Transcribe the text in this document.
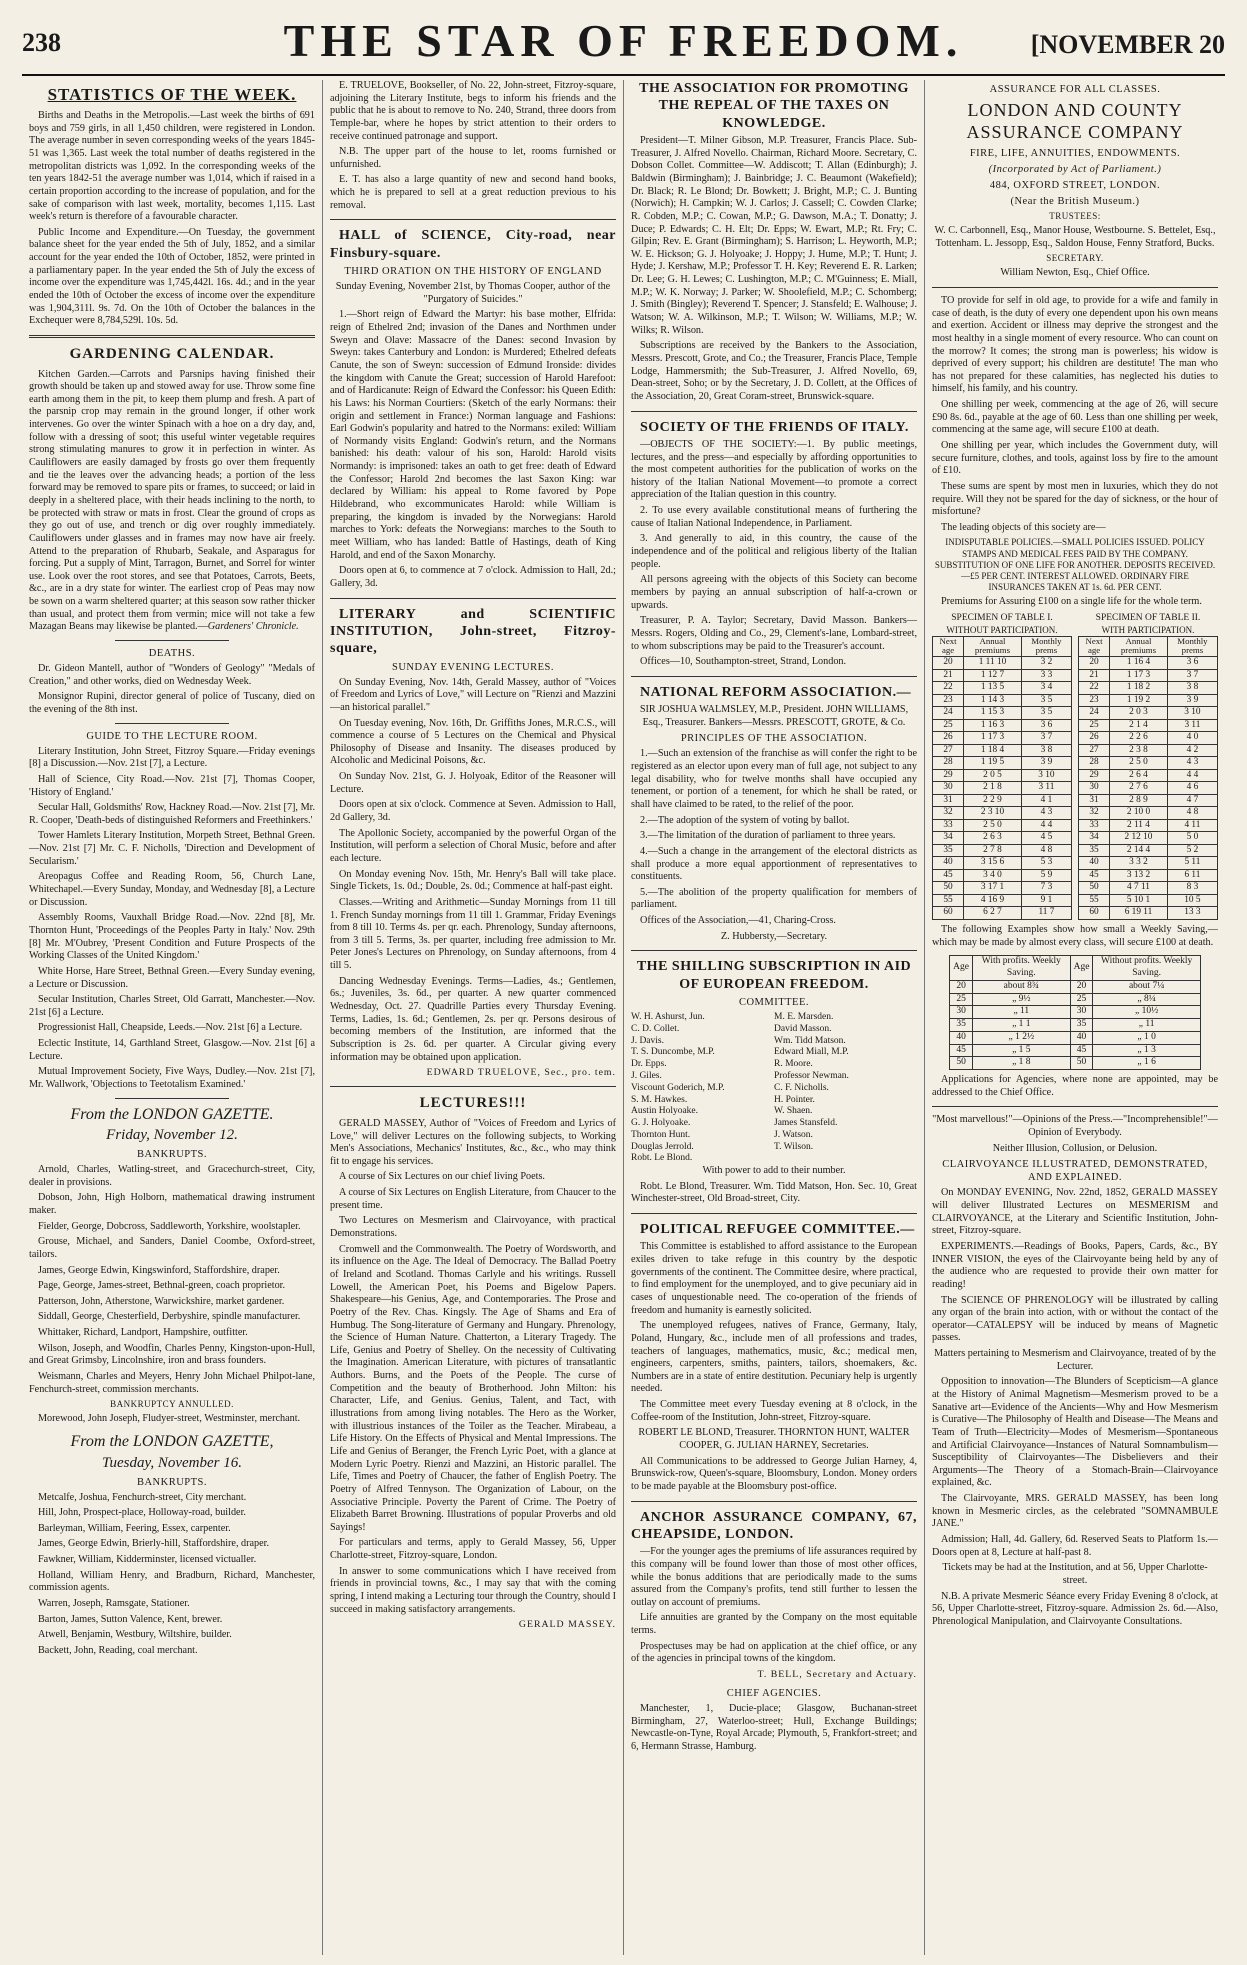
238	THE STAR OF FREEDOM.	[NOVEMBER 20
STATISTICS OF THE WEEK.

Births and Deaths in the Metropolis.—Last week the births of 691 boys and 759 girls, in all 1,450 children, were registered in London. The average number in seven corresponding weeks of the years 1845-51 was 1,365. Last week the total number of deaths registered in the metropolitan districts was 1,092. In the corresponding weeks of the ten years 1842-51 the average number was 1,014, which if raised in a certain proportion according to the increase of population, and for the sake of comparison with last week, mortality, becomes 1,115. Last week's return is therefore of a favourable character.

Public Income and Expenditure.—On Tuesday, the government balance sheet for the year ended the 5th of July, 1852, and a similar account for the year ended the 10th of October, 1852, were printed in a parliamentary paper. In the year ended the 5th of July the excess of income over the expenditure was 1,745,442l. 16s. 4d.; and in the year ended the 10th of October the excess of income over the expenditure was 1,904,311l. 9s. 7d. On the 10th of October the balances in the Exchequer were 8,784,529l. 10s. 5d.

GARDENING CALENDAR.

Kitchen Garden.—Carrots and Parsnips having finished their growth should be taken up and stowed away for use. Throw some fine earth among them in the pit, to keep them plump and fresh. A part of the parsnip crop may remain in the ground longer, if other work intervenes. Go over the winter Spinach with a hoe on a dry day, and, follow with a dressing of soot; this useful winter vegetable requires strong stimulating manures to grow it in perfection in winter. As Cauliflowers are easily damaged by frosts go over them frequently and tie the leaves over the advancing heads; a portion of the less forward may be removed to spare pits or frames, to succeed; or laid in deeply in a sheltered place, with their heads inclining to the north, to be protected with straw or mats in frost. Clear the ground of crops as they go out of use, and trench or dig over roughly immediately. Cauliflowers under glasses and in frames may now have air freely. Attend to the preparation of Rhubarb, Seakale, and Asparagus for forcing. Put a supply of Mint, Tarragon, Burnet, and Sorrel for winter use. Look over the root stores, and see that Potatoes, Carrots, Beets, &c., are in a dry state for winter. The earliest crop of Peas may now be sown on a warm sheltered quarter; at this season sow rather thicker than usual, and protect them from vermin; mice will not take a few Mazagan Beans may likewise be planted.—Gardeners' Chronicle.

DEATHS.

Dr. Gideon Mantell, author of "Wonders of Geology" "Medals of Creation," and other works, died on Wednesday Week.

Monsignor Rupini, director general of police of Tuscany, died on the evening of the 8th inst.

GUIDE TO THE LECTURE ROOM.

Literary Institution, John Street, Fitzroy Square.—Friday evenings [8] a Discussion.—Nov. 21st [7], a Lecture.

Hall of Science, City Road.—Nov. 21st [7], Thomas Cooper, 'History of England.'

Secular Hall, Goldsmiths' Row, Hackney Road.—Nov. 21st [7], Mr. R. Cooper, 'Death-beds of distinguished Reformers and Freethinkers.'

Tower Hamlets Literary Institution, Morpeth Street, Bethnal Green.—Nov. 21st [7] Mr. C. F. Nicholls, 'Direction and Development of Secularism.'

Areopagus Coffee and Reading Room, 56, Church Lane, Whitechapel.—Every Sunday, Monday, and Wednesday [8], a Lecture or Discussion.

Assembly Rooms, Vauxhall Bridge Road.—Nov. 22nd [8], Mr. Thornton Hunt, 'Proceedings of the Peoples Party in Italy.' Nov. 29th [8] Mr. M'Oubrey, 'Present Condition and Future Prospects of the Working Classes of the United Kingdom.'

White Horse, Hare Street, Bethnal Green.—Every Sunday evening, a Lecture or Discussion.

Secular Institution, Charles Street, Old Garratt, Manchester.—Nov. 21st [6] a Lecture.

Progressionist Hall, Cheapside, Leeds.—Nov. 21st [6] a Lecture.

Eclectic Institute, 14, Garthland Street, Glasgow.—Nov. 21st [6] a Lecture.

Mutual Improvement Society, Five Ways, Dudley.—Nov. 21st [7], Mr. Wallwork, 'Objections to Teetotalism Examined.'

From the LONDON GAZETTE.
Friday, November 12.
BANKRUPTS.

Arnold, Charles, Watling-street, and Gracechurch-street, City, dealer in provisions.

Dobson, John, High Holborn, mathematical drawing instrument maker.

Fielder, George, Dobcross, Saddleworth, Yorkshire, woolstapler.

Grouse, Michael, and Sanders, Daniel Coombe, Oxford-street, tailors.

James, George Edwin, Kingswinford, Staffordshire, draper.

Page, George, James-street, Bethnal-green, coach proprietor.

Patterson, John, Atherstone, Warwickshire, market gardener.

Siddall, George, Chesterfield, Derbyshire, spindle manufacturer.

Whittaker, Richard, Landport, Hampshire, outfitter.

Wilson, Joseph, and Woodfin, Charles Penny, Kingston-upon-Hull, and Great Grimsby, Lincolnshire, iron and brass founders.

Weismann, Charles and Meyers, Henry John Michael Philpot-lane, Fenchurch-street, commission merchants.

BANKRUPTCY ANNULLED.

Morewood, John Joseph, Fludyer-street, Westminster, merchant.

From the LONDON GAZETTE,
Tuesday, November 16.
BANKRUPTS.

Metcalfe, Joshua, Fenchurch-street, City merchant.

Hill, John, Prospect-place, Holloway-road, builder.

Barleyman, William, Feering, Essex, carpenter.

James, George Edwin, Brierly-hill, Staffordshire, draper.

Fawkner, William, Kidderminster, licensed victualler.

Holland, William Henry, and Bradburn, Richard, Manchester, commission agents.

Warren, Joseph, Ramsgate, Stationer.

Barton, James, Sutton Valence, Kent, brewer.

Atwell, Benjamin, Westbury, Wiltshire, builder.

Backett, John, Reading, coal merchant.

E. TRUELOVE, Bookseller, of No. 22, John-street, Fitzroy-square, adjoining the Literary Institute, begs to inform his friends and the public that he is about to remove to No. 240, Strand, three doors from Temple-bar, where he hopes by strict attention to their orders to receive continued patronage and support.

N.B. The upper part of the house to let, rooms furnished or unfurnished.

E. T. has also a large quantity of new and second hand books, which he is prepared to sell at a great reduction previous to his removal.

HALL of SCIENCE, City-road, near Finsbury-square.

THIRD ORATION ON THE HISTORY OF ENGLAND

Sunday Evening, November 21st, by Thomas Cooper, author of the "Purgatory of Suicides."

1.—Short reign of Edward the Martyr: his base mother, Elfrida: reign of Ethelred 2nd; invasion of the Danes and Northmen under Sweyn and Olave: Massacre of the Danes: second Invasion by Sweyn: takes Canterbury and London: is Murdered; Ethelred defeats Canute, the son of Sweyn: succession of Edmund Ironside: divides the kingdom with Canute the Great; succession of Harold Harefoot: and of Hardicanute: Reign of Edward the Confessor: his Queen Edith: his Laws: his Norman Courtiers: (Sketch of the early Normans: their origin and settlement in France:) Norman language and Fashions: Earl Godwin's popularity and hatred to the Normans: exiled: William of Normandy visits England: Godwin's return, and the Normans banished: his death: valour of his son, Harold: Harold visits Normandy: is imprisoned: takes an oath to get free: death of Edward the Confessor; Harold 2nd becomes the last Saxon King: war declared by William: his appeal to Rome favored by Pope Hildebrand, who excommunicates Harold: while William is preparing, the kingdom is invaded by the Norwegians: Harold marches to York: defeats the Norwegians: marches to the South to meet William, who has landed: Battle of Hastings, death of King Harold, and end of the Saxon Monarchy.

Doors open at 6, to commence at 7 o'clock. Admission to Hall, 2d.; Gallery, 3d.

LITERARY and SCIENTIFIC INSTITUTION, John-street, Fitzroy-square,

SUNDAY EVENING LECTURES.

On Sunday Evening, Nov. 14th, Gerald Massey, author of "Voices of Freedom and Lyrics of Love," will Lecture on "Rienzi and Mazzini—an historical parallel."

On Tuesday evening, Nov. 16th, Dr. Griffiths Jones, M.R.C.S., will commence a course of 5 Lectures on the Chemical and Physical Philosophy of Disease and Insanity. The diseases produced by Alcoholic and Medicinal Poisons, &c.

On Sunday Nov. 21st, G. J. Holyoak, Editor of the Reasoner will Lecture.

Doors open at six o'clock. Commence at Seven. Admission to Hall, 2d Gallery, 3d.

The Apollonic Society, accompanied by the powerful Organ of the Institution, will perform a selection of Choral Music, before and after each lecture.

On Monday evening Nov. 15th, Mr. Henry's Ball will take place. Single Tickets, 1s. 0d.; Double, 2s. 0d.; Commence at half-past eight.

Classes.—Writing and Arithmetic—Sunday Mornings from 11 till 1. French Sunday mornings from 11 till 1. Grammar, Friday Evenings from 8 till 10. Terms 4s. per qr. each. Phrenology, Sunday afternoons, from 3 till 5. Terms, 3s. per quarter, including free admission to Mr. Peter Jones's Lectures on Phrenology, on Sunday afternoons, from 4 till 5.

Dancing Wednesday Evenings. Terms—Ladies, 4s.; Gentlemen, 6s.; Juveniles, 3s. 6d., per quarter. A new quarter commenced Wednesday, Oct. 27. Quadrille Parties every Thursday Evening. Terms, Ladies, 1s. 6d.; Gentlemen, 2s. per qr. Persons desirous of becoming members of the Institution, are informed that the Subscription is 2s. 6d. per quarter. A Circular giving every information may be obtained upon application.

EDWARD TRUELOVE, Sec., pro. tem.
LECTURES!!!

GERALD MASSEY, Author of "Voices of Freedom and Lyrics of Love," will deliver Lectures on the following subjects, to Working Men's Associations, Mechanics' Institutes, &c., &c., who may think fit to engage his services.

A course of Six Lectures on our chief living Poets.

A course of Six Lectures on English Literature, from Chaucer to the present time.

Two Lectures on Mesmerism and Clairvoyance, with practical Demonstrations.

Cromwell and the Commonwealth. The Poetry of Wordsworth, and its influence on the Age. The Ideal of Democracy. The Ballad Poetry of Ireland and Scotland. Thomas Carlyle and his writings. Russell Lowell, the American Poet, his Poems and Bigelow Papers. Shakespeare—his Genius, Age, and Contemporaries. The Prose and Poetry of the Rev. Chas. Kingsly. The Age of Shams and Era of Humbug. The Song-literature of Germany and Hungary. Phrenology, the Science of Human Nature. Chatterton, a Literary Tragedy. The Life, Genius and Poetry of Shelley. On the necessity of Cultivating the Imagination. American Literature, with pictures of transatlantic Authors. Burns, and the Poets of the People. The curse of Competition and the beauty of Brotherhood. John Milton: his Character, Life, and Genius. Genius, Talent, and Tact, with illustrations from among living notables. The Hero as the Worker, with illustrious instances of the Toiler as the Teacher. Mirabeau, a Life History. On the Effects of Physical and Mental Impressions. The Life and Genius of Beranger, the French Lyric Poet, with a glance at Modern Lyric Poetry. Rienzi and Mazzini, an Historic parallel. The Life, Times and Poetry of Chaucer, the father of English Poetry. The Poetry of Alfred Tennyson. The Organization of Labour, on the Associative Principle. Poverty the Parent of Crime. The Poetry of Elizabeth Barret Browning. Illustrations of popular Proverbs and old Sayings!

For particulars and terms, apply to Gerald Massey, 56, Upper Charlotte-street, Fitzroy-square, London.

In answer to some communications which I have received from friends in provincial towns, &c., I may say that with the coming spring, I intend making a Lecturing tour through the Country, should I succeed in making satisfactory arrangements.

GERALD MASSEY.

THE ASSOCIATION FOR PROMOTING THE REPEAL OF THE TAXES ON KNOWLEDGE.

President—T. Milner Gibson, M.P. Treasurer, Francis Place. Sub-Treasurer, J. Alfred Novello. Chairman, Richard Moore. Secretary, C. Dobson Collet. Committee—W. Addiscott; T. Allan (Edinburgh); J. Baldwin (Birmingham); J. Bainbridge; J. C. Beaumont (Wakefield); Dr. Black; R. Le Blond; Dr. Bowkett; J. Bright, M.P.; C. J. Bunting (Norwich); H. Campkin; W. J. Carlos; J. Cassell; C. Cowden Clarke; R. Cobden, M.P.; C. Cowan, M.P.; G. Dawson, M.A.; T. Donatty; J. Duce; P. Edwards; C. H. Elt; Dr. Epps; W. Ewart, M.P.; Rt. Fry; C. Gilpin; Rev. E. Grant (Birmingham); S. Harrison; L. Heyworth, M.P.; W. E. Hickson; G. J. Holyoake; J. Hoppy; J. Hume, M.P.; T. Hunt; J. Hyde; J. Kershaw, M.P.; Professor T. H. Key; Reverend E. R. Larken; Dr. Lee; G. H. Lewes; C. Lushington, M.P.; C. M'Guinness; E. Miall, M.P.; W. K. Norway; J. Parker; W. Shoolefield, M.P.; C. Schomberg; J. Smith (Bingley); Reverend T. Spencer; J. Stansfeld; E. Walhouse; J. Watson; W. A. Wilkinson, M.P.; T. Wilson; W. Williams, M.P.; W. Wilks; R. Wilson.

Subscriptions are received by the Bankers to the Association, Messrs. Prescott, Grote, and Co.; the Treasurer, Francis Place, Temple Lodge, Hammersmith; the Sub-Treasurer, J. Alfred Novello, 69, Dean-street, Soho; or by the Secretary, J. D. Collett, at the Offices of the Association, 20, Great Coram-street, Brunswick-square.

SOCIETY OF THE FRIENDS OF ITALY.

—OBJECTS OF THE SOCIETY:—1. By public meetings, lectures, and the press—and especially by affording opportunities to the most competent authorities for the publication of works on the history of the Italian National Movement—to promote a correct appreciation of the Italian question in this country.

2. To use every available constitutional means of furthering the cause of Italian National Independence, in Parliament.

3. And generally to aid, in this country, the cause of the independence and of the political and religious liberty of the Italian people.

All persons agreeing with the objects of this Society can become members by paying an annual subscription of half-a-crown or upwards.

Treasurer, P. A. Taylor; Secretary, David Masson. Bankers—Messrs. Rogers, Olding and Co., 29, Clement's-lane, Lombard-street, to whom subscriptions may be paid to the Treasurer's account.

Offices—10, Southampton-street, Strand, London.

NATIONAL REFORM ASSOCIATION.—

SIR JOSHUA WALMSLEY, M.P., President. JOHN WILLIAMS, Esq., Treasurer. Bankers—Messrs. PRESCOTT, GROTE, & Co.

PRINCIPLES OF THE ASSOCIATION.

1.—Such an extension of the franchise as will confer the right to be registered as an elector upon every man of full age, not subject to any legal disability, who for twelve months shall have occupied any tenement, or portion of a tenement, for which he shall be rated, or shall have claimed to be rated, to the relief of the poor.

2.—The adoption of the system of voting by ballot.

3.—The limitation of the duration of parliament to three years.

4.—Such a change in the arrangement of the electoral districts as shall produce a more equal apportionment of representatives to constituents.

5.—The abolition of the property qualification for members of parliament.

Offices of the Association,—41, Charing-Cross.

Z. Hubbersty,—Secretary.

THE SHILLING SUBSCRIPTION IN AID OF EUROPEAN FREEDOM.

COMMITTEE.
W. H. Ashurst, Jun.
C. D. Collet.
J. Davis.
T. S. Duncombe, M.P.
Dr. Epps.
J. Giles.
Viscount Goderich, M.P.
S. M. Hawkes.
Austin Holyoake.
G. J. Holyoake.
Thornton Hunt.
Douglas Jerrold.
Robt. Le Blond.
M. E. Marsden.
David Masson.
Wm. Tidd Matson.
Edward Miall, M.P.
R. Moore.
Professor Newman.
C. F. Nicholls.
H. Pointer.
W. Shaen.
James Stansfeld.
J. Watson.
T. Wilson.

With power to add to their number.

Robt. Le Blond, Treasurer. Wm. Tidd Matson, Hon. Sec. 10, Great Winchester-street, Old Broad-street, City.

POLITICAL REFUGEE COMMITTEE.—

This Committee is established to afford assistance to the European exiles driven to take refuge in this country by the despotic governments of the continent. The Committee desire, where practical, to find employment for the unemployed, and to give pecuniary aid in cases of unquestionable need. The co-operation of the friends of freedom and humanity is earnestly solicited.

The unemployed refugees, natives of France, Germany, Italy, Poland, Hungary, &c., include men of all professions and trades, teachers of languages, mathematics, music, &c.; medical men, engineers, carpenters, smiths, painters, tailors, shoemakers, &c. Numbers are in a state of entire destitution. Pecuniary help is urgently needed.

The Committee meet every Tuesday evening at 8 o'clock, in the Coffee-room of the Institution, John-street, Fitzroy-square.

ROBERT LE BLOND, Treasurer. THORNTON HUNT, WALTER COOPER, G. JULIAN HARNEY, Secretaries.

All Communications to be addressed to George Julian Harney, 4, Brunswick-row, Queen's-square, Bloomsbury, London. Money orders to be made payable at the Bloomsbury post-office.

ANCHOR ASSURANCE COMPANY, 67, CHEAPSIDE, LONDON.

—For the younger ages the premiums of life assurances required by this company will be found lower than those of most other offices, while the bonus additions that are periodically made to the sums assured from the Company's profits, tend still further to lessen the outlay on account of premiums.

Life annuities are granted by the Company on the most equitable terms.

Prospectuses may be had on application at the chief office, or any of the agencies in principal towns of the kingdom.

T. BELL, Secretary and Actuary.
CHIEF AGENCIES.

Manchester, 1, Ducie-place; Glasgow, Buchanan-street Birmingham, 27, Waterloo-street; Hull, Exchange Buildings; Newcastle-on-Tyne, Royal Arcade; Plymouth, 5, Frankfort-street; and 6, Hermann Strasse, Hamburg.

ASSURANCE FOR ALL CLASSES.
LONDON AND COUNTY ASSURANCE COMPANY
FIRE, LIFE, ANNUITIES, ENDOWMENTS.
(Incorporated by Act of Parliament.)
484, OXFORD STREET, LONDON.
(Near the British Museum.)
TRUSTEES:

W. C. Carbonnell, Esq., Manor House, Westbourne. S. Bettelet, Esq., Tottenham. L. Jessopp, Esq., Saldon House, Fenny Stratford, Bucks.

SECRETARY.

William Newton, Esq., Chief Office.

TO provide for self in old age, to provide for a wife and family in case of death, is the duty of every one dependent upon his own means and exertion. Accident or illness may deprive the strongest and the most healthy in a single moment of every resource. Who can count on the morrow? It comes; the strong man is powerless; his widow is deprived of every support; his children are destitute! The man who has not prepared for these calamities, has neglected his duties to himself, his family, and his country.

One shilling per week, commencing at the age of 26, will secure £90 8s. 6d., payable at the age of 60. Less than one shilling per week, commencing at the same age, will secure £100 at death.

One shilling per year, which includes the Government duty, will secure furniture, clothes, and tools, against loss by fire to the amount of £10.

These sums are spent by most men in luxuries, which they do not require. Will they not be spared for the day of sickness, or the hour of misfortune?

The leading objects of this society are—

INDISPUTABLE POLICIES.—SMALL POLICIES ISSUED. POLICY STAMPS AND MEDICAL FEES PAID BY THE COMPANY. SUBSTITUTION OF ONE LIFE FOR ANOTHER. DEPOSITS RECEIVED.—£5 PER CENT. INTEREST ALLOWED. ORDINARY FIRE INSURANCES TAKEN AT 1s. 6d. PER CENT.

Premiums for Assuring £100 on a single life for the whole term.

SPECIMEN OF TABLE I.
WITHOUT PARTICIPATION.
Next age	Annual premiums	Monthly prems
20	1 11 10	3 2
21	1 12 7	3 3
22	1 13 5	3 4
23	1 14 3	3 5
24	1 15 3	3 5
25	1 16 3	3 6
26	1 17 3	3 7
27	1 18 4	3 8
28	1 19 5	3 9
29	2 0 5	3 10
30	2 1 8	3 11
31	2 2 9	4 1
32	2 3 10	4 3
33	2 5 0	4 4
34	2 6 3	4 5
35	2 7 8	4 8
40	3 15 6	5 3
45	3 4 0	5 9
50	3 17 1	7 3
55	4 16 9	9 1
60	6 2 7	11 7
SPECIMEN OF TABLE II.
WITH PARTICIPATION.
Next age	Annual premiums	Monthly prems
20	1 16 4	3 6
21	1 17 3	3 7
22	1 18 2	3 8
23	1 19 2	3 9
24	2 0 3	3 10
25	2 1 4	3 11
26	2 2 6	4 0
27	2 3 8	4 2
28	2 5 0	4 3
29	2 6 4	4 4
30	2 7 6	4 6
31	2 8 9	4 7
32	2 10 0	4 8
33	2 11 4	4 11
34	2 12 10	5 0
35	2 14 4	5 2
40	3 3 2	5 11
45	3 13 2	6 11
50	4 7 11	8 3
55	5 10 1	10 5
60	6 19 11	13 3

The following Examples show how small a Weekly Saving,—which may be made by almost every class, will secure £100 at death.

Age	With profits. Weekly Saving.	Age	Without profits. Weekly Saving.
20	about 8¾	20	about 7¼
25	„ 9½	25	„ 8¼
30	„ 11	30	„ 10½
35	„ 1 1	35	„ 11
40	„ 1 2½	40	„ 1 0
45	„ 1 5	45	„ 1 3
50	„ 1 8	50	„ 1 6

Applications for Agencies, where none are appointed, may be addressed to the Chief Office.

"Most marvellous!"—Opinions of the Press.—"Incomprehensible!"—Opinion of Everybody.

Neither Illusion, Collusion, or Delusion.

CLAIRVOYANCE ILLUSTRATED, DEMONSTRATED, AND EXPLAINED.

On MONDAY EVENING, Nov. 22nd, 1852, GERALD MASSEY will deliver Illustrated Lectures on MESMERISM and CLAIRVOYANCE, at the Literary and Scientific Institution, John-street, Fitzroy-square.

EXPERIMENTS.—Readings of Books, Papers, Cards, &c., BY INNER VISION, the eyes of the Clairvoyante being held by any of the audience who are requested to provide their own matter for reading!

The SCIENCE OF PHRENOLOGY will be illustrated by calling any organ of the brain into action, with or without the contact of the operator—CATALEPSY will be induced by means of Magnetic passes.

Matters pertaining to Mesmerism and Clairvoyance, treated of by the Lecturer.

Opposition to innovation—The Blunders of Scepticism—A glance at the History of Animal Magnetism—Mesmerism proved to be a Sanative art—Evidence of the Ancients—Why and How Mesmerism is Curative—The Philosophy of Health and Disease—The Means and Team of Truth—Electricity—Modes of Mesmerism—Spontaneous and Artificial Clairvoyance—Instances of Natural Somnambulism—Susceptibility of Clairvoyantes—The Disbelievers and their Arguments—The Theory of a Stomach-Brain—Clairvoyance explained, &c.

The Clairvoyante, MRS. GERALD MASSEY, has been long known in Mesmeric circles, as the celebrated "SOMNAMBULE JANE."

Admission; Hall, 4d. Gallery, 6d. Reserved Seats to Platform 1s.—Doors open at 8, Lecture at half-past 8.

Tickets may be had at the Institution, and at 56, Upper Charlotte-street.

N.B. A private Mesmeric Séance every Friday Evening 8 o'clock, at 56, Upper Charlotte-street, Fitzroy-square. Admission 2s. 6d.—Also, Phrenological Manipulation, and Clairvoyante Consultations.
